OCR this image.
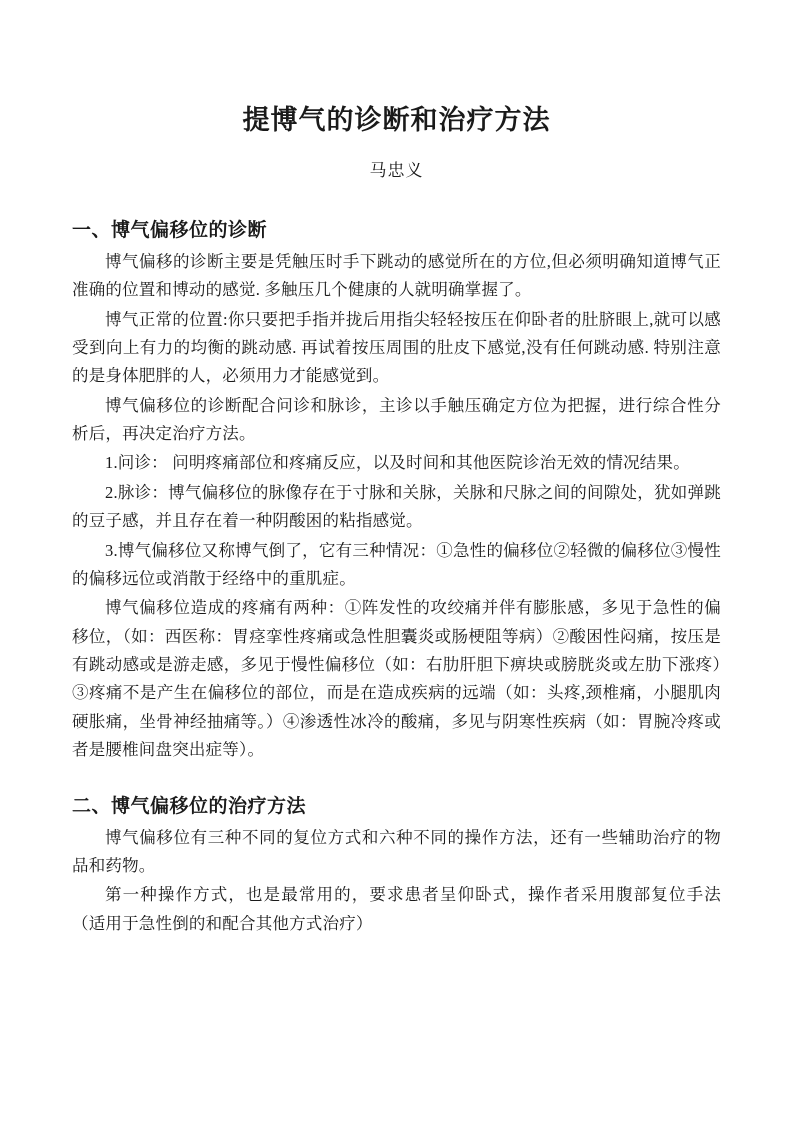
提博气的诊断和治疗方法
马忠义
一、博气偏移位的诊断

博气偏移的诊断主要是凭触压时手下跳动的感觉所在的方位,但必须明确知道博气正准确的位置和博动的感觉. 多触压几个健康的人就明确掌握了。

博气正常的位置:你只要把手指并拢后用指尖轻轻按压在仰卧者的肚脐眼上,就可以感受到向上有力的均衡的跳动感. 再试着按压周围的肚皮下感觉,没有任何跳动感. 特别注意的是身体肥胖的人，必须用力才能感觉到。

博气偏移位的诊断配合问诊和脉诊，主诊以手触压确定方位为把握，进行综合性分析后，再决定治疗方法。

1.问诊： 问明疼痛部位和疼痛反应，以及时间和其他医院诊治无效的情况结果。

2.脉诊：博气偏移位的脉像存在于寸脉和关脉，关脉和尺脉之间的间隙处，犹如弹跳的豆子感，并且存在着一种阴酸困的粘指感觉。

3.博气偏移位又称博气倒了，它有三种情况：①急性的偏移位②轻微的偏移位③慢性的偏移远位或消散于经络中的重肌症。

博气偏移位造成的疼痛有两种：①阵发性的攻绞痛并伴有膨胀感，多见于急性的偏移位，（如：西医称：胃痉挛性疼痛或急性胆囊炎或肠梗阻等病）②酸困性闷痛，按压是有跳动感或是游走感，多见于慢性偏移位（如：右肋肝胆下痹块或膀胱炎或左肋下涨疼）③疼痛不是产生在偏移位的部位，而是在造成疾病的远端（如：头疼,颈椎痛，小腿肌肉硬胀痛，坐骨神经抽痛等。）④渗透性冰冷的酸痛，多见与阴寒性疾病（如：胃腕冷疼或者是腰椎间盘突出症等）。

二、博气偏移位的治疗方法

博气偏移位有三种不同的复位方式和六种不同的操作方法，还有一些辅助治疗的物品和药物。

第一种操作方式，也是最常用的，要求患者呈仰卧式，操作者采用腹部复位手法（适用于急性倒的和配合其他方式治疗）
